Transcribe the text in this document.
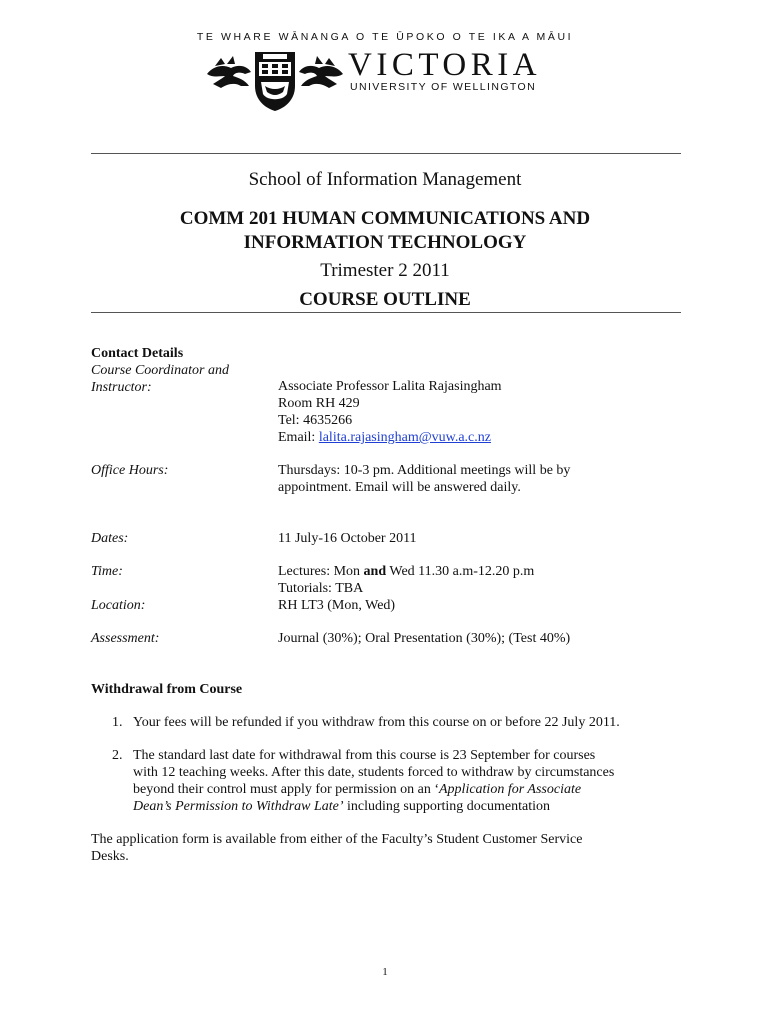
TE WHARE WĀNANGA O TE ŪPOKO O TE IKA A MĀUI
VICTORIA
UNIVERSITY OF WELLINGTON
School of Information Management
COMM 201 HUMAN COMMUNICATIONS AND
INFORMATION TECHNOLOGY
Trimester 2 2011
COURSE OUTLINE
Contact Details
Course Coordinator and
Instructor:	Associate Professor Lalita Rajasingham
Room RH 429
Tel: 4635266
Email: lalita.rajasingham@vuw.a.c.nz
Office Hours:	Thursdays: 10-3 pm. Additional meetings will be by
appointment. Email will be answered daily.
Dates:	11 July-16 October 2011
Time:	Lectures: Mon and Wed 11.30 a.m-12.20 p.m
Tutorials: TBA
Location:	RH LT3 (Mon, Wed)
Assessment:	Journal (30%); Oral Presentation (30%); (Test 40%)
Withdrawal from Course
1. Your fees will be refunded if you withdraw from this course on or before 22 July 2011.
2. The standard last date for withdrawal from this course is 23 September for courses
with 12 teaching weeks. After this date, students forced to withdraw by circumstances
beyond their control must apply for permission on an ‘Application for Associate
Dean’s Permission to Withdraw Late’ including supporting documentation
The application form is available from either of the Faculty’s Student Customer Service
Desks.
1
